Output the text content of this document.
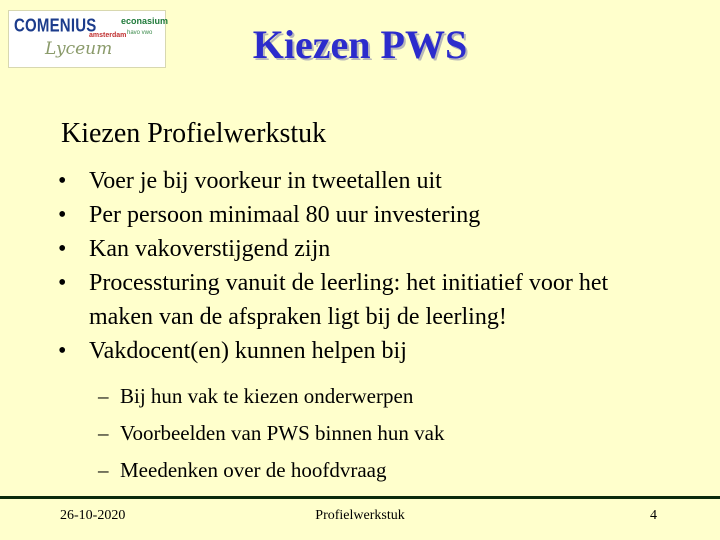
COMENIUS	econasium
havo vwo
amsterdam
Lyceum	Kiezen PWS
Kiezen Profielwerkstuk
• Voer je bij voorkeur in tweetallen uit
• Per persoon minimaal 80 uur investering
• Kan vakoverstijgend zijn
• Processturing vanuit de leerling: het initiatief voor het maken van de afspraken ligt bij de leerling!
• Vakdocent(en) kunnen helpen bij
– Bij hun vak te kiezen onderwerpen
– Voorbeelden van PWS binnen hun vak
– Meedenken over de hoofdvraag
26-10-2020	Profielwerkstuk	4
